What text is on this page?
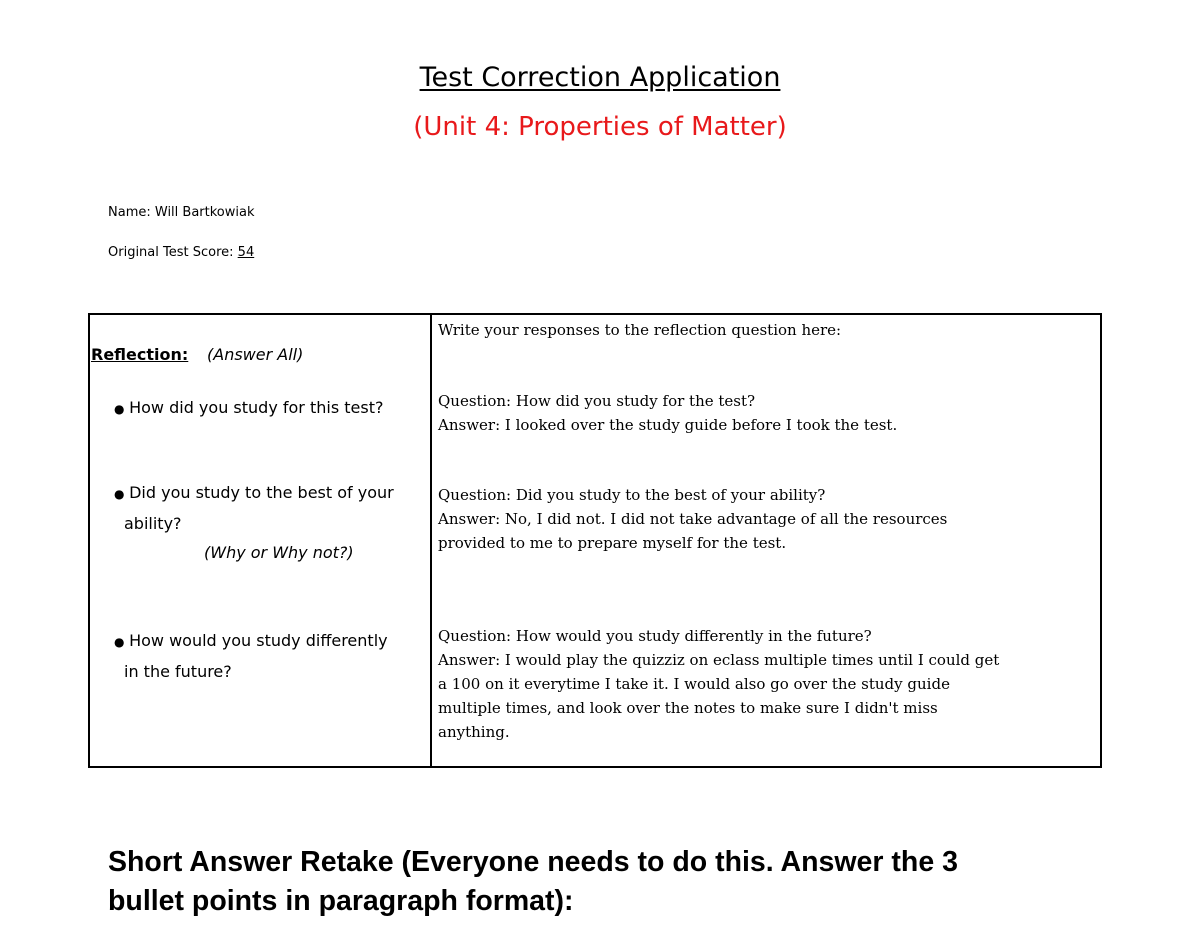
Test Correction Application
(Unit 4: Properties of Matter)
Name: Will Bartkowiak
Original Test Score: 54
Reflection: (Answer All)
● How did you study for this test?
● Did you study to the best of your
ability?
(Why or Why not?)
● How would you study differently
in the future?
Write your responses to the reflection question here:
Question: How did you study for the test?
Answer: I looked over the study guide before I took the test.
Question: Did you study to the best of your ability?
Answer: No, I did not. I did not take advantage of all the resources
provided to me to prepare myself for the test.
Question: How would you study differently in the future?
Answer: I would play the quizziz on eclass multiple times until I could get
a 100 on it everytime I take it. I would also go over the study guide
multiple times, and look over the notes to make sure I didn't miss
anything.
Short Answer Retake (Everyone needs to do this. Answer the 3
bullet points in paragraph format):
